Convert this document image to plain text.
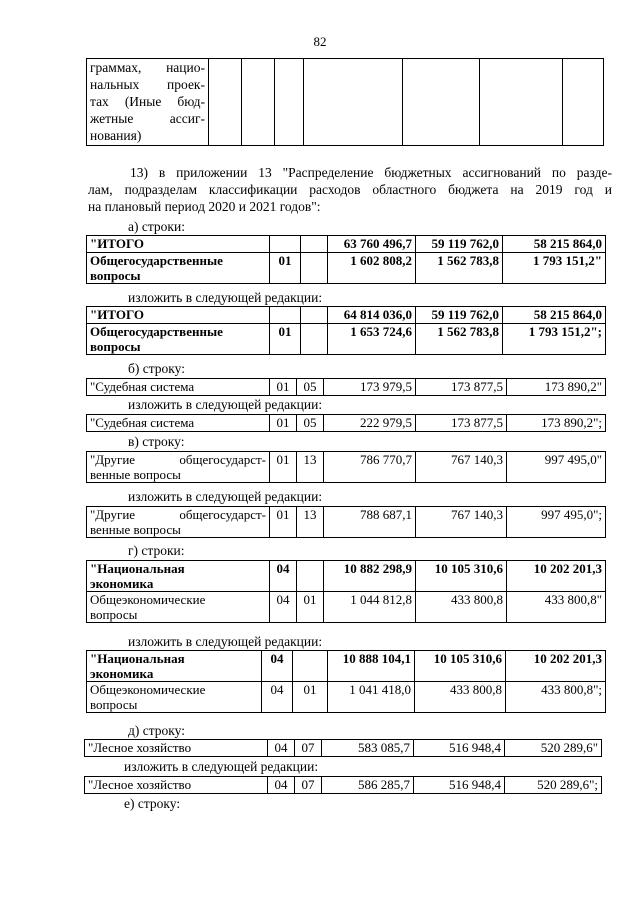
82
граммах, нацио-
нальных проек-
тах (Иные бюд-
жетные ассиг-
нования)

13) в приложении 13 "Распределение бюджетных ассигнований по разде-
лам, подразделам классификации расходов областного бюджета на 2019 год и
на плановый период 2020 и 2021 годов":
а) строки:
"ИТОГО			63 760 496,7	59 119 762,0	58 215 864,0

Общегосударственные
вопросы	01		1 602 808,2	1 562 783,8	1 793 151,2"
изложить в следующей редакции:
"ИТОГО			64 814 036,0	59 119 762,0	58 215 864,0

Общегосударственные
вопросы	01		1 653 724,6	1 562 783,8	1 793 151,2";
б) строку:
"Судебная система	01	05	173 979,5	173 877,5	173 890,2"
изложить в следующей редакции:
"Судебная система	01	05	222 979,5	173 877,5	173 890,2";
в) строку:
"Другие общегосударст-
венные вопросы
	01	13	786 770,7	767 140,3	997 495,0"
изложить в следующей редакции:
"Другие общегосударст-
венные вопросы
	01	13	788 687,1	767 140,3	997 495,0";
г) строки:
"Национальная
экономика	04		10 882 298,9	10 105 310,6	10 202 201,3

Общеэкономические
вопросы	04	01	1 044 812,8	433 800,8	433 800,8"
изложить в следующей редакции:
"Национальная
экономика	04		10 888 104,1	10 105 310,6	10 202 201,3

Общеэкономические
вопросы	04	01	1 041 418,0	433 800,8	433 800,8";
д) строку:
"Лесное хозяйство	04	07	583 085,7	516 948,4	520 289,6"
изложить в следующей редакции:
"Лесное хозяйство	04	07	586 285,7	516 948,4	520 289,6";
е) строку:
